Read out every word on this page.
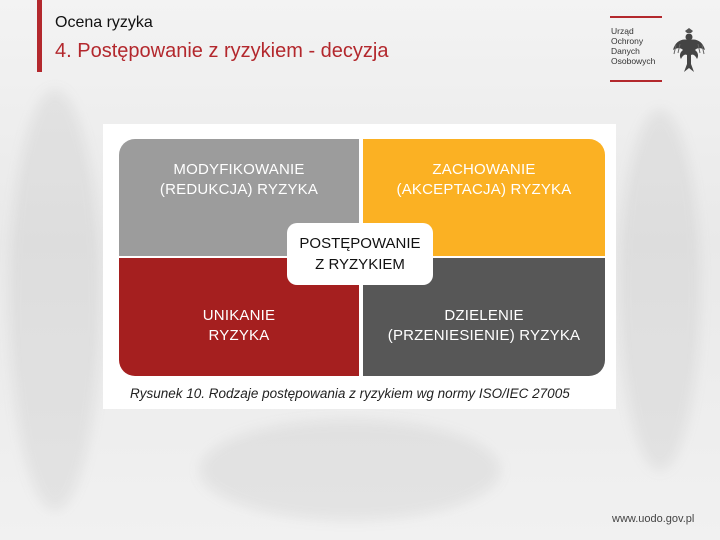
Ocena ryzyka
4. Postępowanie z ryzykiem - decyzja
Urząd
Ochrony
Danych
Osobowych
MODYFIKOWANIE
(REDUKCJA) RYZYKA
ZACHOWANIE
(AKCEPTACJA) RYZYKA
UNIKANIE
RYZYKA
DZIELENIE
(PRZENIESIENIE) RYZYKA
POSTĘPOWANIE
Z RYZYKIEM
Rysunek 10. Rodzaje postępowania z ryzykiem wg normy ISO/IEC 27005
www.uodo.gov.pl
